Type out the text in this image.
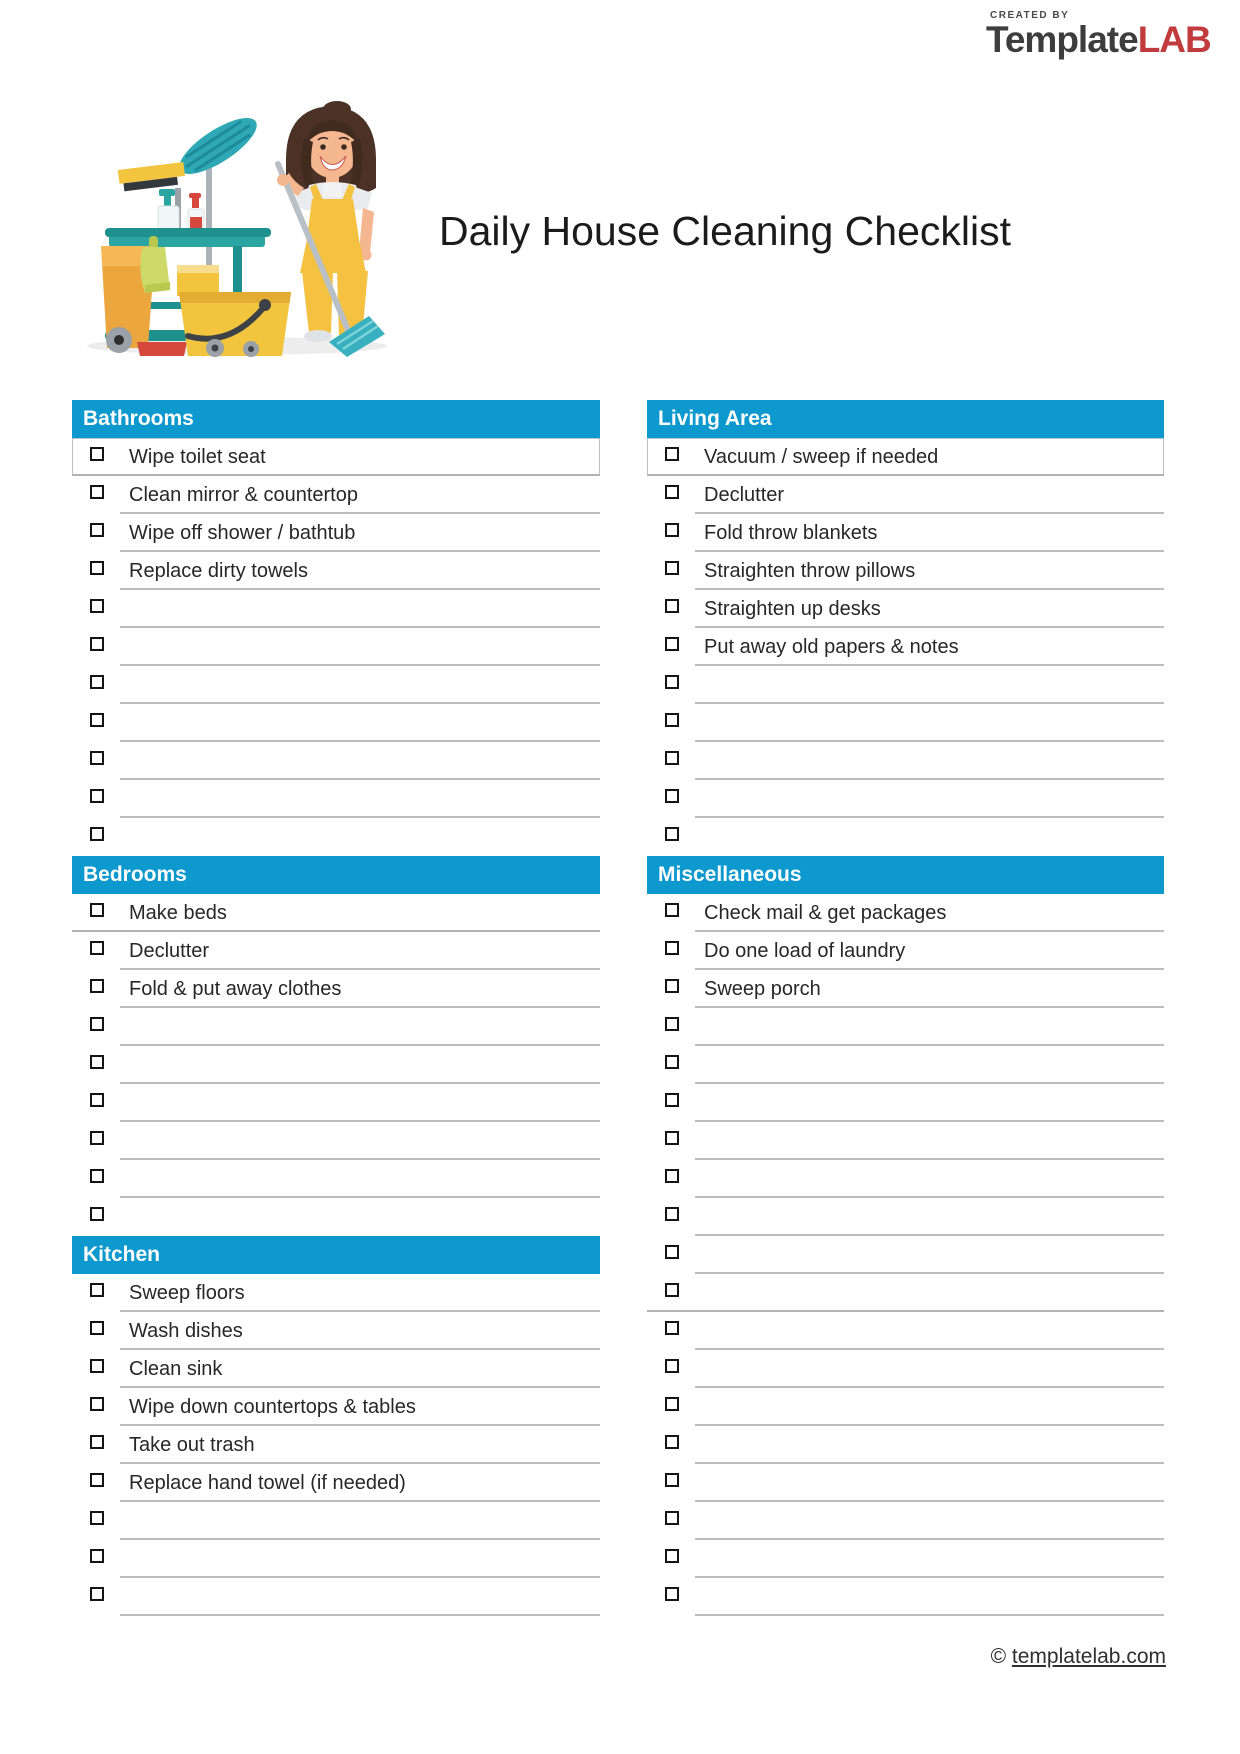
CREATED BY
TemplateLAB
Daily House Cleaning Checklist
Bathrooms
Wipe toilet seat
Clean mirror & countertop
Wipe off shower / bathtub
Replace dirty towels
Bedrooms
Make beds
Declutter
Fold & put away clothes
Kitchen
Sweep floors
Wash dishes
Clean sink
Wipe down countertops & tables
Take out trash
Replace hand towel (if needed)
Living Area
Vacuum / sweep if needed
Declutter
Fold throw blankets
Straighten throw pillows
Straighten up desks
Put away old papers & notes
Miscellaneous
Check mail & get packages
Do one load of laundry
Sweep porch
© templatelab.com
